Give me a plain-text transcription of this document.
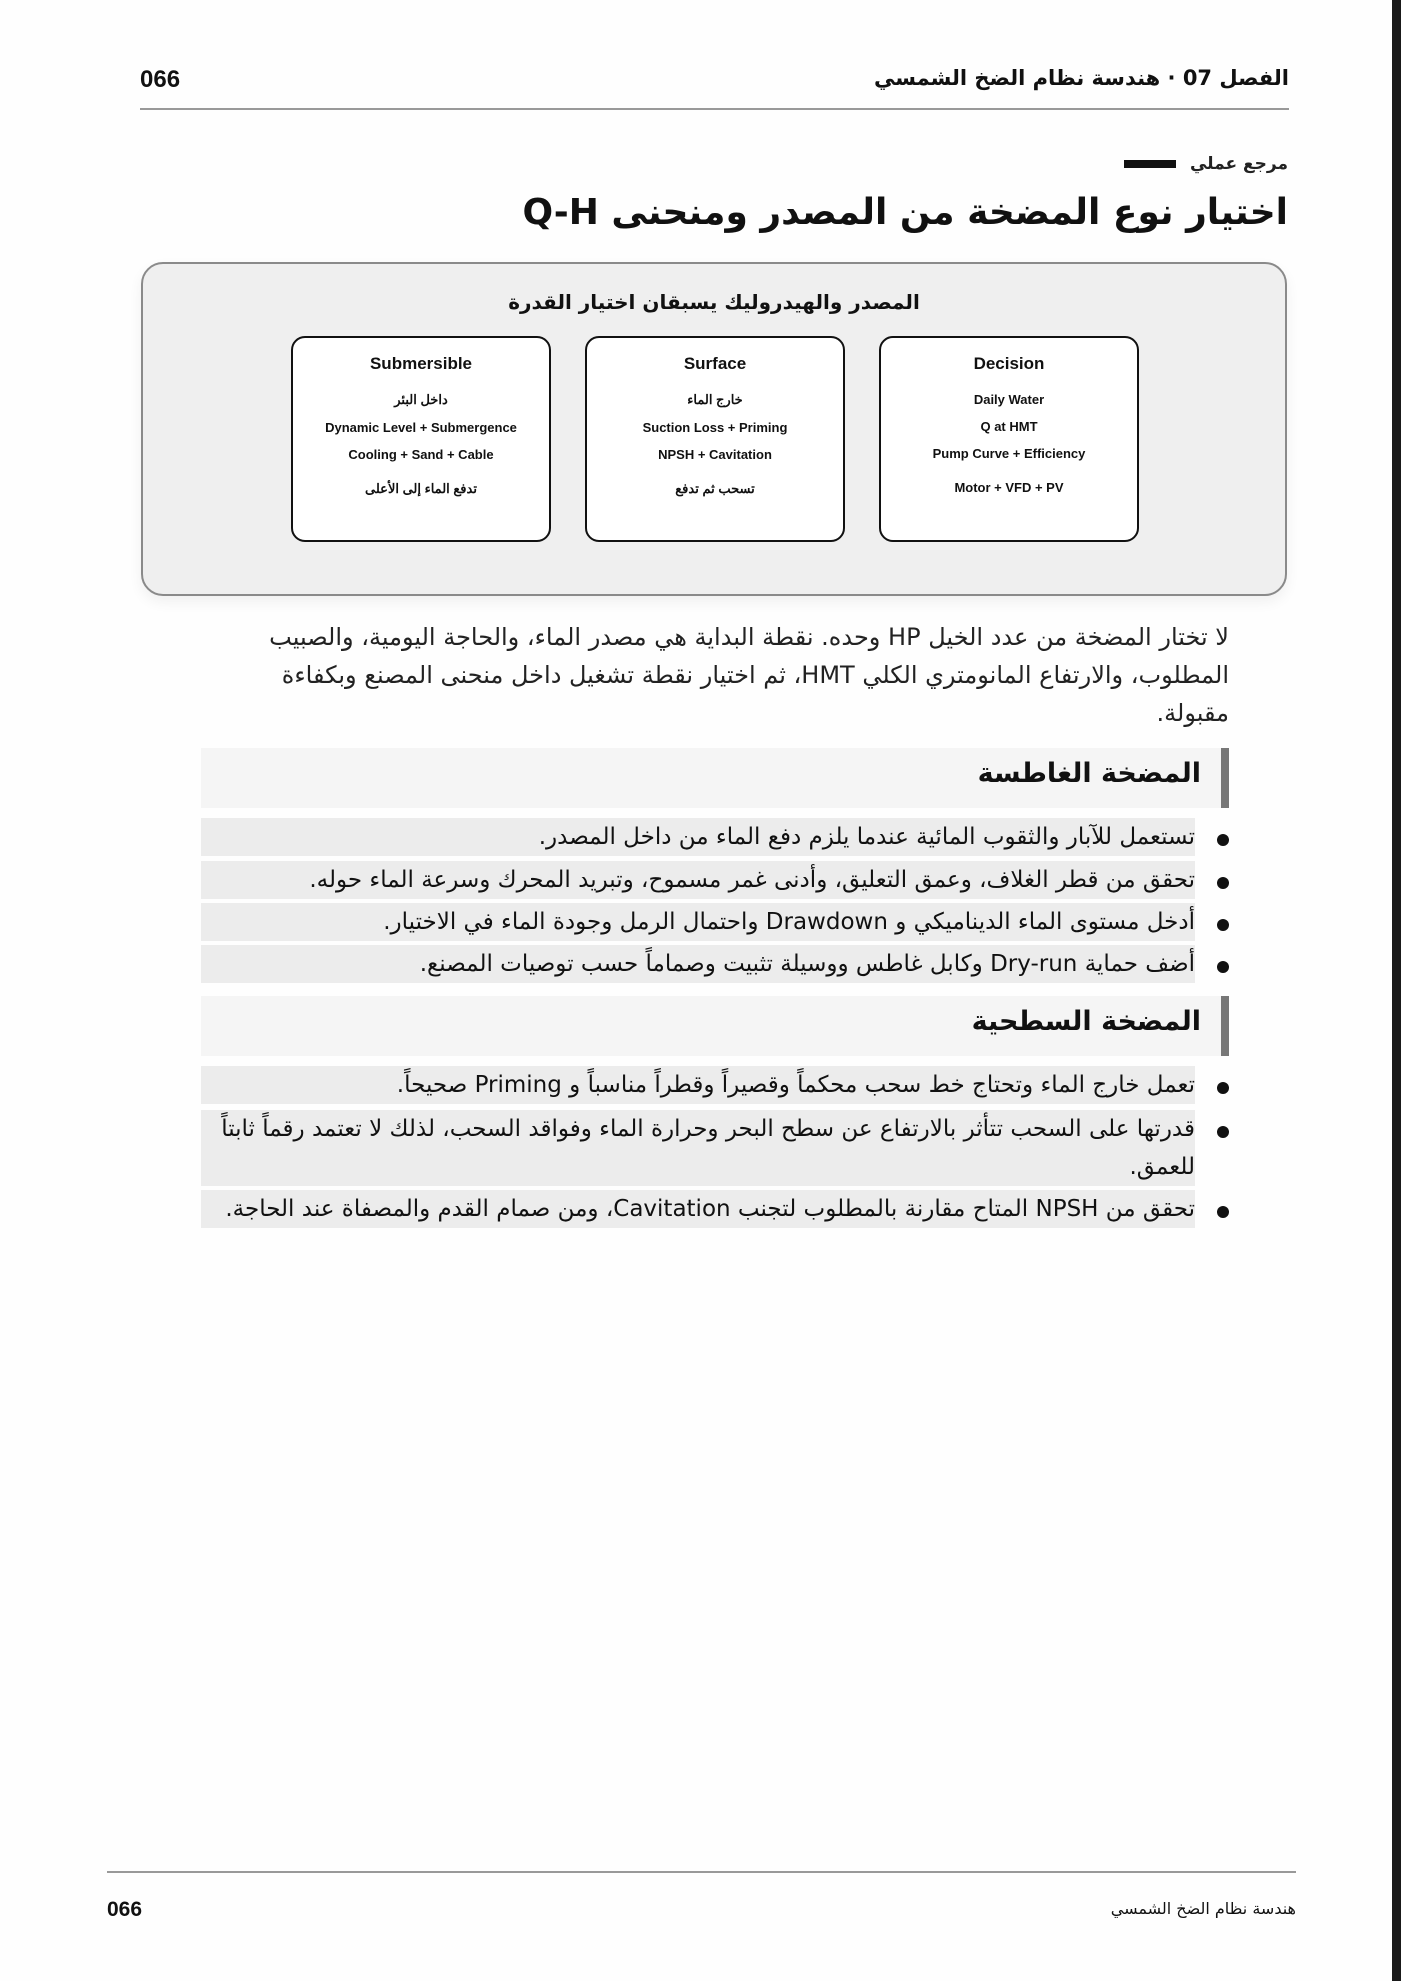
066	الفصل 07 · هندسة نظام الضخ الشمسي
مرجع عملي
اختيار نوع المضخة من المصدر ومنحنى Q-H
المصدر والهيدروليك يسبقان اختيار القدرة
Submersible
داخل البئر
Dynamic Level + Submergence
Cooling + Sand + Cable
تدفع الماء إلى الأعلى
Surface
خارج الماء
Suction Loss + Priming
NPSH + Cavitation
تسحب ثم تدفع
Decision
Daily Water
Q at HMT
Pump Curve + Efficiency
Motor + VFD + PV

لا تختار المضخة من عدد الخيل HP وحده. نقطة البداية هي مصدر الماء، والحاجة اليومية، والصبيب المطلوب، والارتفاع المانومتري الكلي HMT، ثم اختيار نقطة تشغيل داخل منحنى المصنع وبكفاءة مقبولة.

المضخة الغاطسة
تستعمل للآبار والثقوب المائية عندما يلزم دفع الماء من داخل المصدر.
تحقق من قطر الغلاف، وعمق التعليق، وأدنى غمر مسموح، وتبريد المحرك وسرعة الماء حوله.
أدخل مستوى الماء الديناميكي و Drawdown واحتمال الرمل وجودة الماء في الاختيار.
أضف حماية Dry-run وكابل غاطس ووسيلة تثبيت وصماماً حسب توصيات المصنع.
المضخة السطحية
تعمل خارج الماء وتحتاج خط سحب محكماً وقصيراً وقطراً مناسباً و Priming صحيحاً.
قدرتها على السحب تتأثر بالارتفاع عن سطح البحر وحرارة الماء وفواقد السحب، لذلك لا تعتمد رقماً ثابتاً للعمق.
تحقق من NPSH المتاح مقارنة بالمطلوب لتجنب Cavitation، ومن صمام القدم والمصفاة عند الحاجة.
066	هندسة نظام الضخ الشمسي
